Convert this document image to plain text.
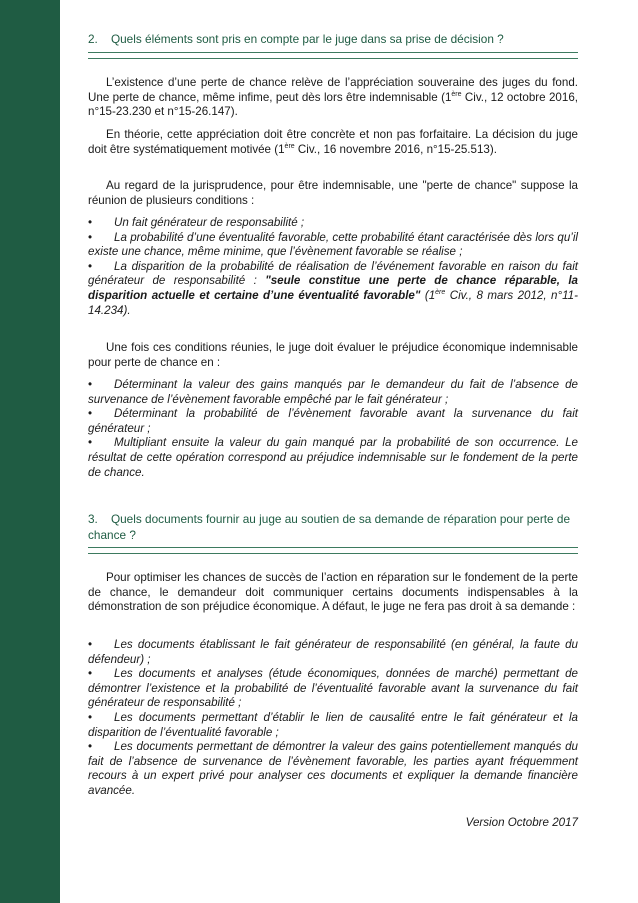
2.    Quels éléments sont pris en compte par le juge dans sa prise de décision ?

L’existence d’une perte de chance relève de l’appréciation souveraine des juges du fond. Une perte de chance, même infime, peut dès lors être indemnisable (1ère Civ., 12 octobre 2016, n°15-23.230 et n°15-26.147).

En théorie, cette appréciation doit être concrète et non pas forfaitaire. La décision du juge doit être systématiquement motivée (1ère Civ., 16 novembre 2016, n°15-25.513).

Au regard de la jurisprudence, pour être indemnisable, une "perte de chance" suppose la réunion de plusieurs conditions :

• Un fait générateur de responsabilité ;
• La probabilité d’une éventualité favorable, cette probabilité étant caractérisée dès lors qu’il existe une chance, même minime, que l’évènement favorable se réalise ;
• La disparition de la probabilité de réalisation de l’événement favorable en raison du fait générateur de responsabilité : "seule constitue une perte de chance réparable, la disparition actuelle et certaine d’une éventualité favorable" (1ère Civ., 8 mars 2012, n°11-14.234).

Une fois ces conditions réunies, le juge doit évaluer le préjudice économique indemnisable pour perte de chance en :

• Déterminant la valeur des gains manqués par le demandeur du fait de l’absence de survenance de l’évènement favorable empêché par le fait générateur ;
• Déterminant la probabilité de l’évènement favorable avant la survenance du fait générateur ;
• Multipliant ensuite la valeur du gain manqué par la probabilité de son occurrence. Le résultat de cette opération correspond au préjudice indemnisable sur le fondement de la perte de chance.
3.    Quels documents fournir au juge au soutien de sa demande de réparation pour perte de chance ?

Pour optimiser les chances de succès de l’action en réparation sur le fondement de la perte de chance, le demandeur doit communiquer certains documents indispensables à la démonstration de son préjudice économique. A défaut, le juge ne fera pas droit à sa demande :

• Les documents établissant le fait générateur de responsabilité (en général, la faute du défendeur) ;
• Les documents et analyses (étude économiques, données de marché) permettant de démontrer l’existence et la probabilité de l’éventualité favorable avant la survenance du fait générateur de responsabilité ;
• Les documents permettant d’établir le lien de causalité entre le fait générateur et la disparition de l’éventualité favorable ;
• Les documents permettant de démontrer la valeur des gains potentiellement manqués du fait de l’absence de survenance de l’évènement favorable, les parties ayant fréquemment recours à un expert privé pour analyser ces documents et expliquer la demande financière avancée.
Version Octobre 2017
